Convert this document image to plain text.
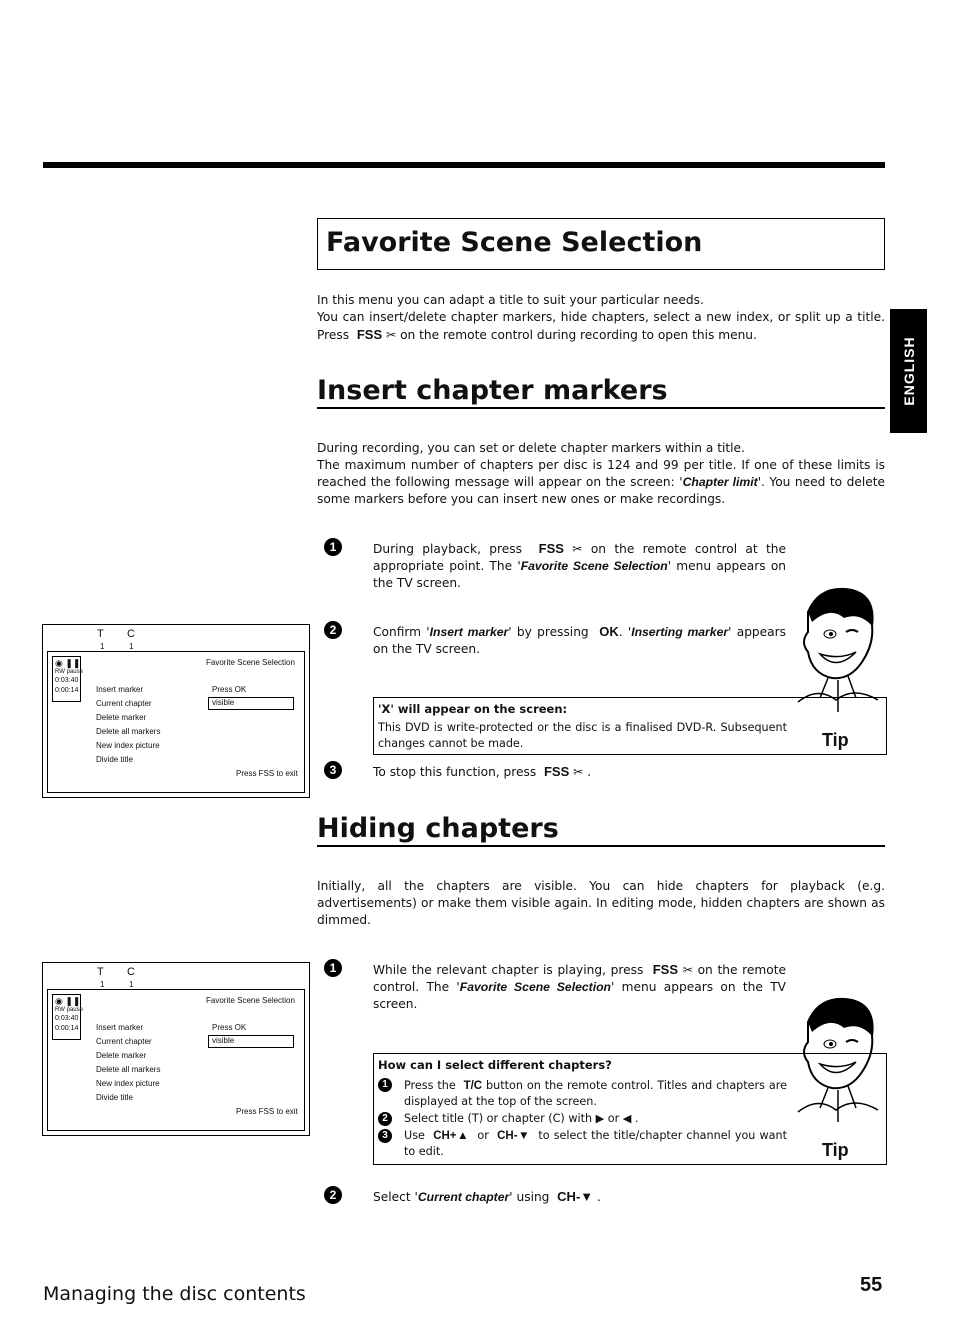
ENGLISH
Favorite Scene Selection

In this menu you can adapt a title to suit your particular needs.

You can insert/delete chapter markers, hide chapters, select a new index, or split up a title. Press FSS ✂ on the remote control during recording to open this menu.

Insert chapter markers

During recording, you can set or delete chapter markers within a title.

The maximum number of chapters per disc is 124 and 99 per title. If one of these limits is reached the following message will appear on the screen: 'Chapter limit'. You need to delete some markers before you can insert new ones or make recordings.

1	During playback, press FSS ✂ on the remote control at the appropriate point. The 'Favorite Scene Selection' menu appears on the TV screen.

2	Confirm 'Insert marker' by pressing OK. 'Inserting marker' appears on the TV screen.

'X' will appear on the screen:
This DVD is write-protected or the disc is a finalised DVD-R. Subsequent changes cannot be made.	Tip
3	To stop this function, press FSS ✂ .

T C
1	1
◉ ❚❚
RW pause
0:03:40
0:00:14
Favorite Scene Selection
Insert marker
Current chapter
Delete marker
Delete all markers
New index picture
Divide title
Press OK
visible
Press FSS to exit
Hiding chapters

Initially, all the chapters are visible. You can hide chapters for playback (e.g. advertisements) or make them visible again. In editing mode, hidden chapters are shown as dimmed.

1	While the relevant chapter is playing, press FSS ✂ on the remote control. The 'Favorite Scene Selection' menu appears on the TV screen.

How can I select different chapters?
1	Press the T/C button on the remote control. Titles and chapters are displayed at the top of the screen.
2	Select title (T) or chapter (C) with ▶ or ◀ .
3	Use CH+▲ or CH-▼ to select the title/chapter channel you want to edit.	Tip
2	Select 'Current chapter' using CH-▼ .

T C
1	1
◉ ❚❚
RW pause
0:03:40
0:00:14
Favorite Scene Selection
Insert marker
Current chapter
Delete marker
Delete all markers
New index picture
Divide title
Press OK
visible
Press FSS to exit
Managing the disc contents	55
